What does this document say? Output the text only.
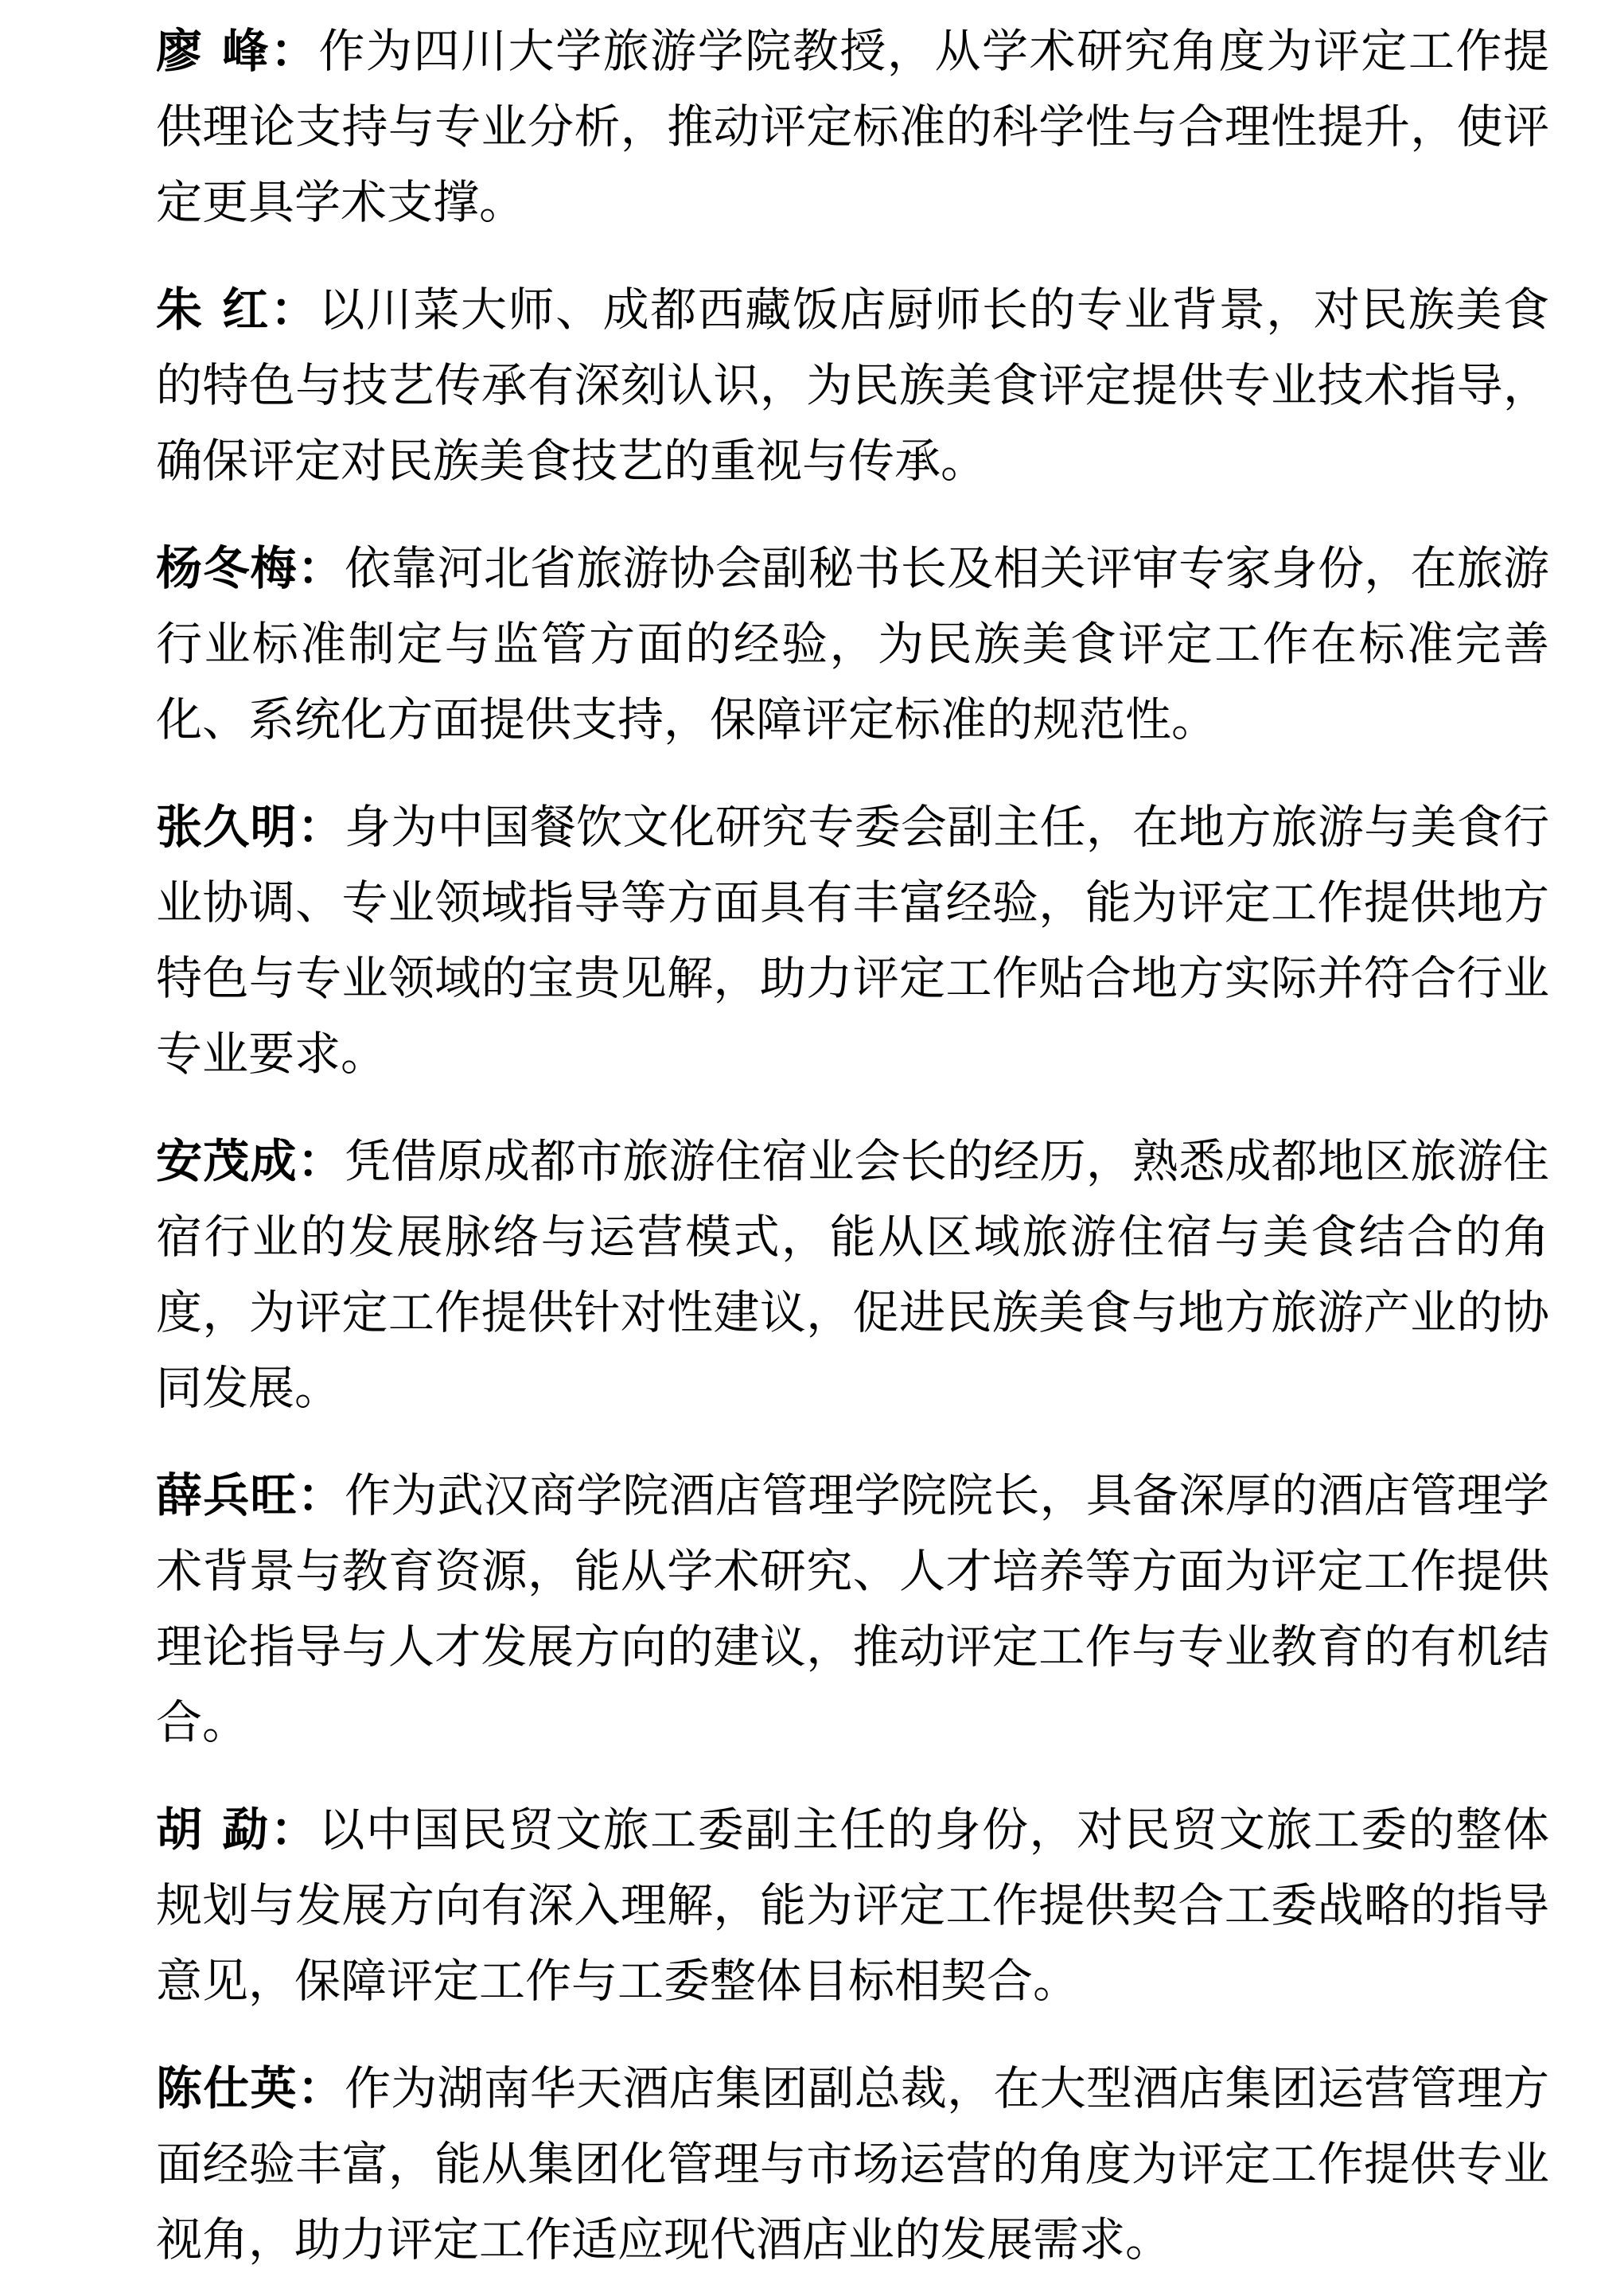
廖 峰：作为四川大学旅游学院教授，从学术研究角度为评定工作提供理论支持与专业分析，推动评定标准的科学性与合理性提升，使评定更具学术支撑。

朱 红：以川菜大师、成都西藏饭店厨师长的专业背景，对民族美食的特色与技艺传承有深刻认识，为民族美食评定提供专业技术指导，确保评定对民族美食技艺的重视与传承。

杨冬梅：依靠河北省旅游协会副秘书长及相关评审专家身份，在旅游行业标准制定与监管方面的经验，为民族美食评定工作在标准完善化、系统化方面提供支持，保障评定标准的规范性。

张久明：身为中国餐饮文化研究专委会副主任，在地方旅游与美食行业协调、专业领域指导等方面具有丰富经验，能为评定工作提供地方特色与专业领域的宝贵见解，助力评定工作贴合地方实际并符合行业专业要求。

安茂成：凭借原成都市旅游住宿业会长的经历，熟悉成都地区旅游住宿行业的发展脉络与运营模式，能从区域旅游住宿与美食结合的角度，为评定工作提供针对性建议，促进民族美食与地方旅游产业的协同发展。

薛兵旺：作为武汉商学院酒店管理学院院长，具备深厚的酒店管理学术背景与教育资源，能从学术研究、人才培养等方面为评定工作提供理论指导与人才发展方向的建议，推动评定工作与专业教育的有机结合。

胡 勐：以中国民贸文旅工委副主任的身份，对民贸文旅工委的整体规划与发展方向有深入理解，能为评定工作提供契合工委战略的指导意见，保障评定工作与工委整体目标相契合。

陈仕英：作为湖南华天酒店集团副总裁，在大型酒店集团运营管理方面经验丰富，能从集团化管理与市场运营的角度为评定工作提供专业视角，助力评定工作适应现代酒店业的发展需求。
